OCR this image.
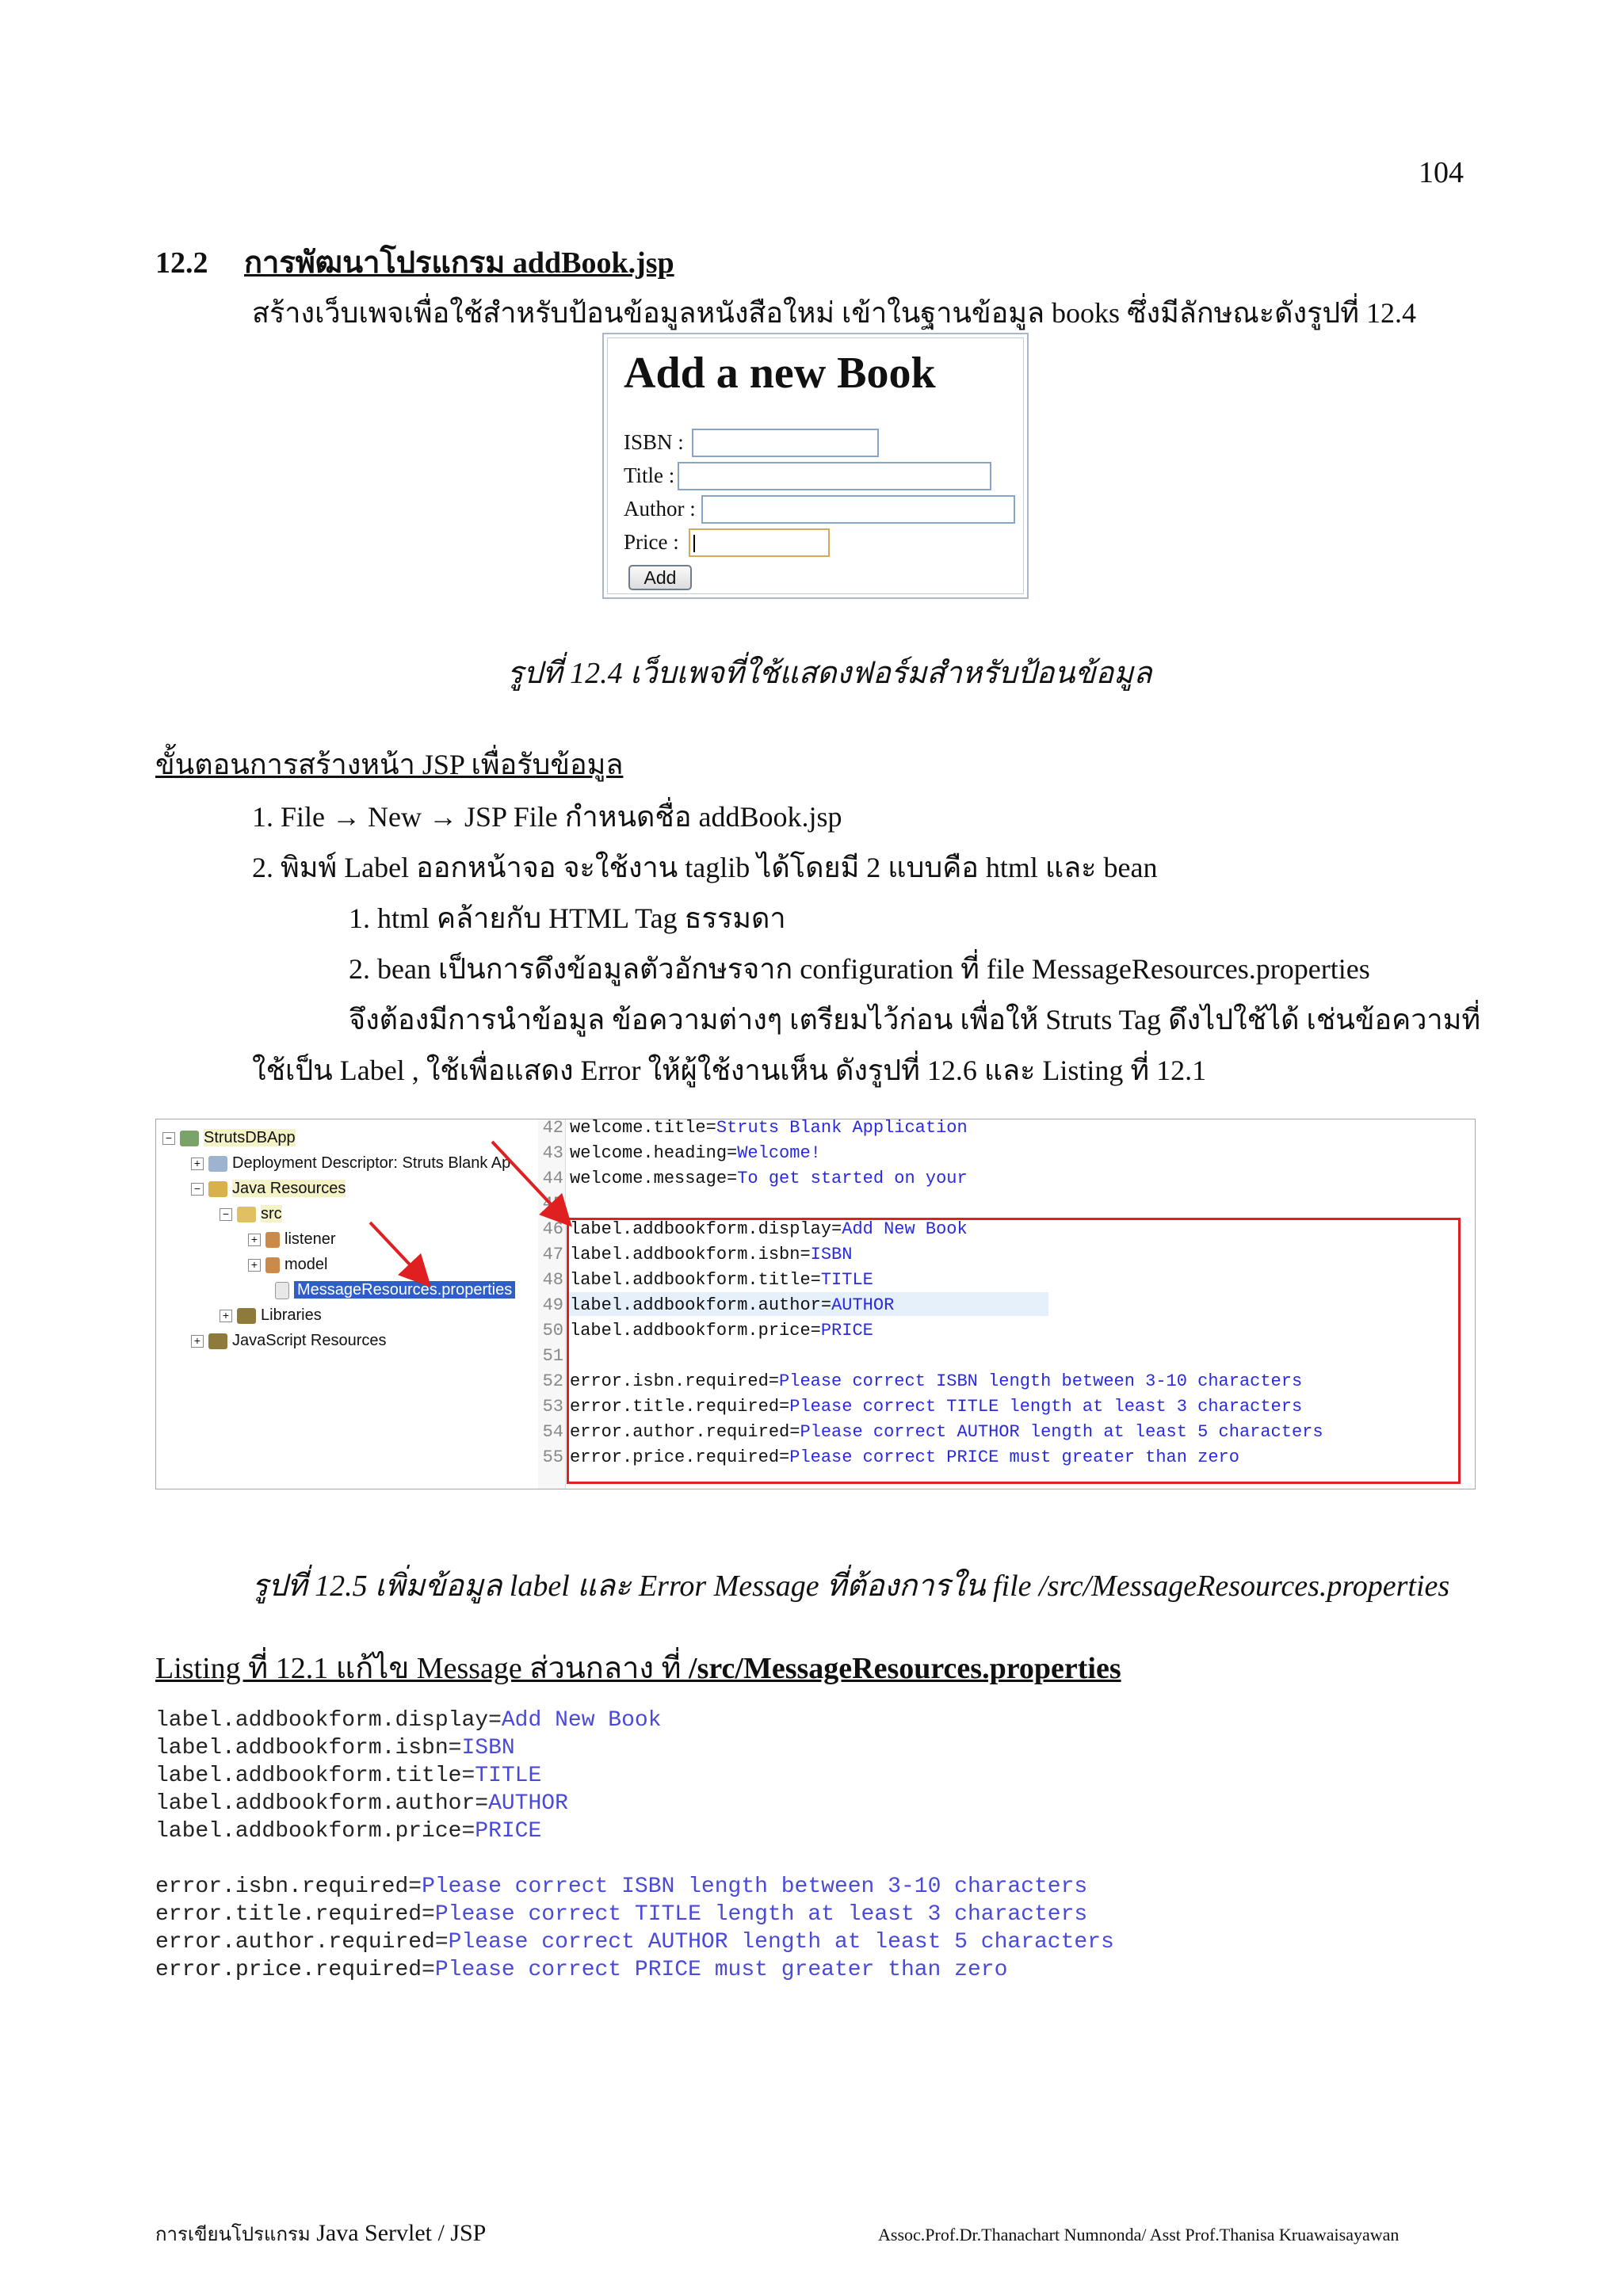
104
12.2 การพัฒนาโปรแกรม addBook.jsp
สร้างเว็บเพจเพื่อใช้สำหรับป้อนข้อมูลหนังสือใหม่ เข้าในฐานข้อมูล books ซึ่งมีลักษณะดังรูปที่ 12.4
Add a new Book
ISBN :
Title :
Author :
Price :
Add
รูปที่ 12.4 เว็บเพจที่ใช้แสดงฟอร์มสำหรับป้อนข้อมูล
ขั้นตอนการสร้างหน้า JSP เพื่อรับข้อมูล
1. File → New → JSP File กำหนดชื่อ addBook.jsp
2. พิมพ์ Label ออกหน้าจอ จะใช้งาน taglib ได้โดยมี 2 แบบคือ html และ bean
1. html คล้ายกับ HTML Tag ธรรมดา
2. bean เป็นการดึงข้อมูลตัวอักษรจาก configuration ที่ file MessageResources.properties
จึงต้องมีการนำข้อมูล ข้อความต่างๆ เตรียมไว้ก่อน เพื่อให้ Struts Tag ดึงไปใช้ได้ เช่นข้อความที่
ใช้เป็น Label , ใช้เพื่อแสดง Error ให้ผู้ใช้งานเห็น ดังรูปที่ 12.6 และ Listing ที่ 12.1
− StrutsDBApp
+ Deployment Descriptor: Struts Blank Ap
− Java Resources
− src
+ listener
+ model
MessageResources.properties
+ Libraries
+ JavaScript Resources
42 welcome.title=Struts Blank Application
43 welcome.heading=Welcome!
44 welcome.message=To get started on your
45
46 label.addbookform.display=Add New Book
47 label.addbookform.isbn=ISBN
48 label.addbookform.title=TITLE
49 label.addbookform.author=AUTHOR
50 label.addbookform.price=PRICE
51
52 error.isbn.required=Please correct ISBN length between 3-10 characters
53 error.title.required=Please correct TITLE length at least 3 characters
54 error.author.required=Please correct AUTHOR length at least 5 characters
55 error.price.required=Please correct PRICE must greater than zero
รูปที่ 12.5 เพิ่มข้อมูล label และ Error Message ที่ต้องการใน file /src/MessageResources.properties
Listing ที่ 12.1 แก้ไข Message ส่วนกลาง ที่ /src/MessageResources.properties
label.addbookform.display=Add New Book
label.addbookform.isbn=ISBN
label.addbookform.title=TITLE
label.addbookform.author=AUTHOR
label.addbookform.price=PRICE
error.isbn.required=Please correct ISBN length between 3-10 characters
error.title.required=Please correct TITLE length at least 3 characters
error.author.required=Please correct AUTHOR length at least 5 characters
error.price.required=Please correct PRICE must greater than zero
การเขียนโปรแกรม Java Servlet / JSP	Assoc.Prof.Dr.Thanachart Numnonda/ Asst Prof.Thanisa Kruawaisayawan
